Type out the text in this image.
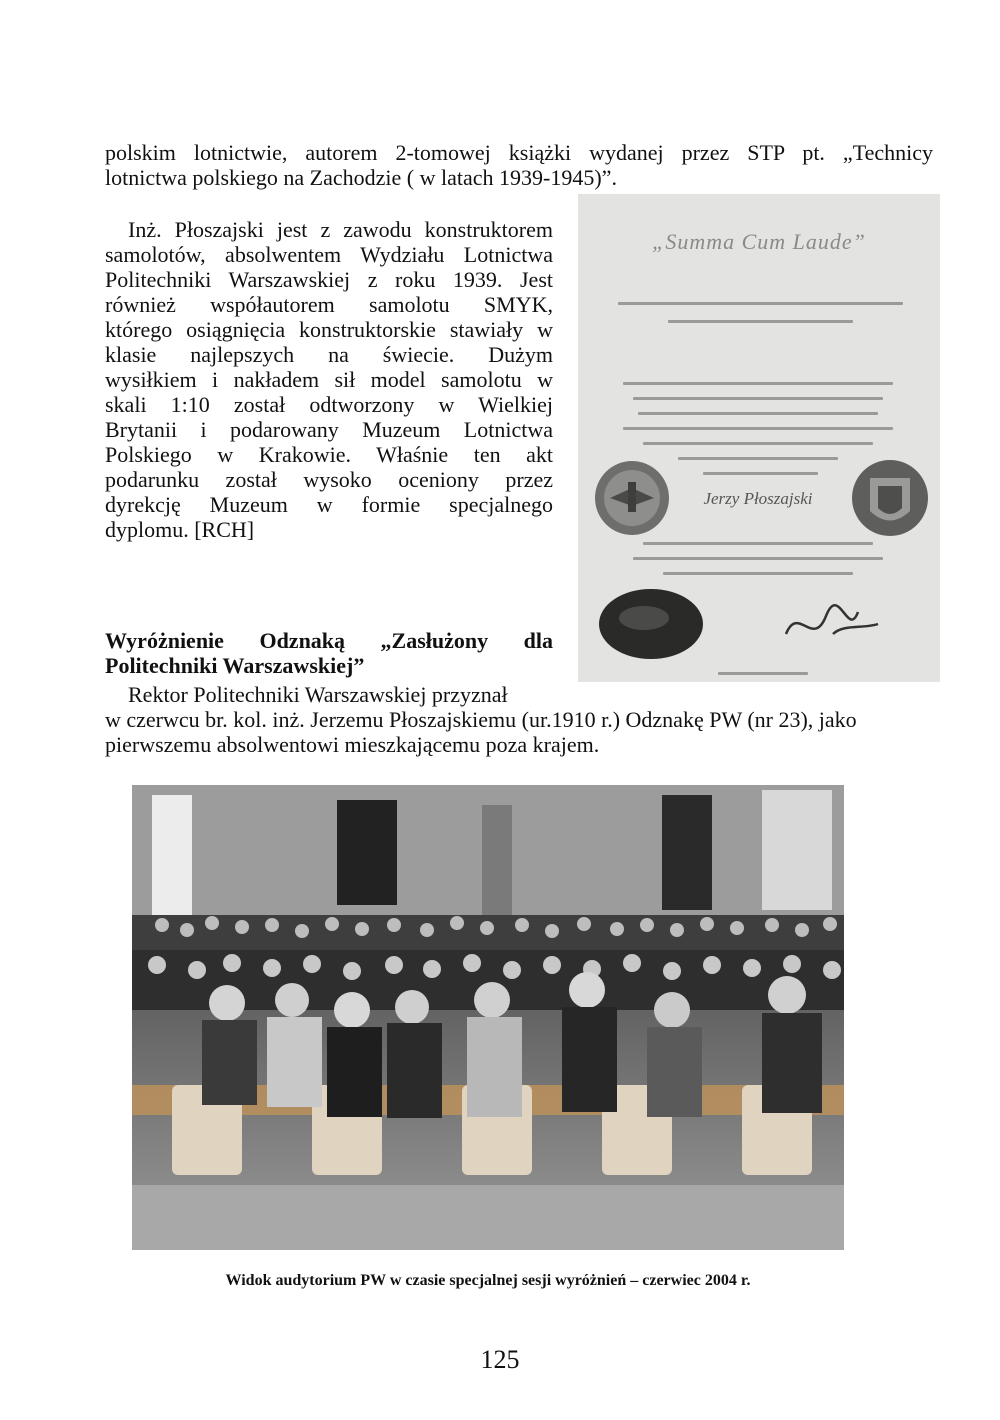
polskim lotnictwie, autorem 2-tomowej książki wydanej przez STP pt. „Technicy
lotnictwa polskiego na Zachodzie ( w latach 1939-1945)”.
Inż. Płoszajski jest z zawodu konstruktorem
samolotów, absolwentem Wydziału Lotnictwa
Politechniki Warszawskiej z roku 1939. Jest
również współautorem samolotu SMYK,
którego osiągnięcia konstruktorskie stawiały w
klasie najlepszych na świecie. Dużym
wysiłkiem i nakładem sił model samolotu w
skali 1:10 został odtworzony w Wielkiej
Brytanii i podarowany Muzeum Lotnictwa
Polskiego w Krakowie. Właśnie ten akt
podarunku został wysoko oceniony przez
dyrekcję Muzeum w formie specjalnego
dyplomu. [RCH]
Wyróżnienie Odznaką „Zasłużony dla
Politechniki Warszawskiej”
Rektor Politechniki Warszawskiej przyznał
w czerwcu br. kol. inż. Jerzemu Płoszajskiemu (ur.1910 r.) Odznakę PW (nr 23), jako
pierwszemu absolwentowi mieszkającemu poza krajem.
„Summa Cum Laude”
Jerzy Płoszajski
Widok audytorium PW w czasie specjalnej sesji wyróżnień – czerwiec 2004 r.
125
